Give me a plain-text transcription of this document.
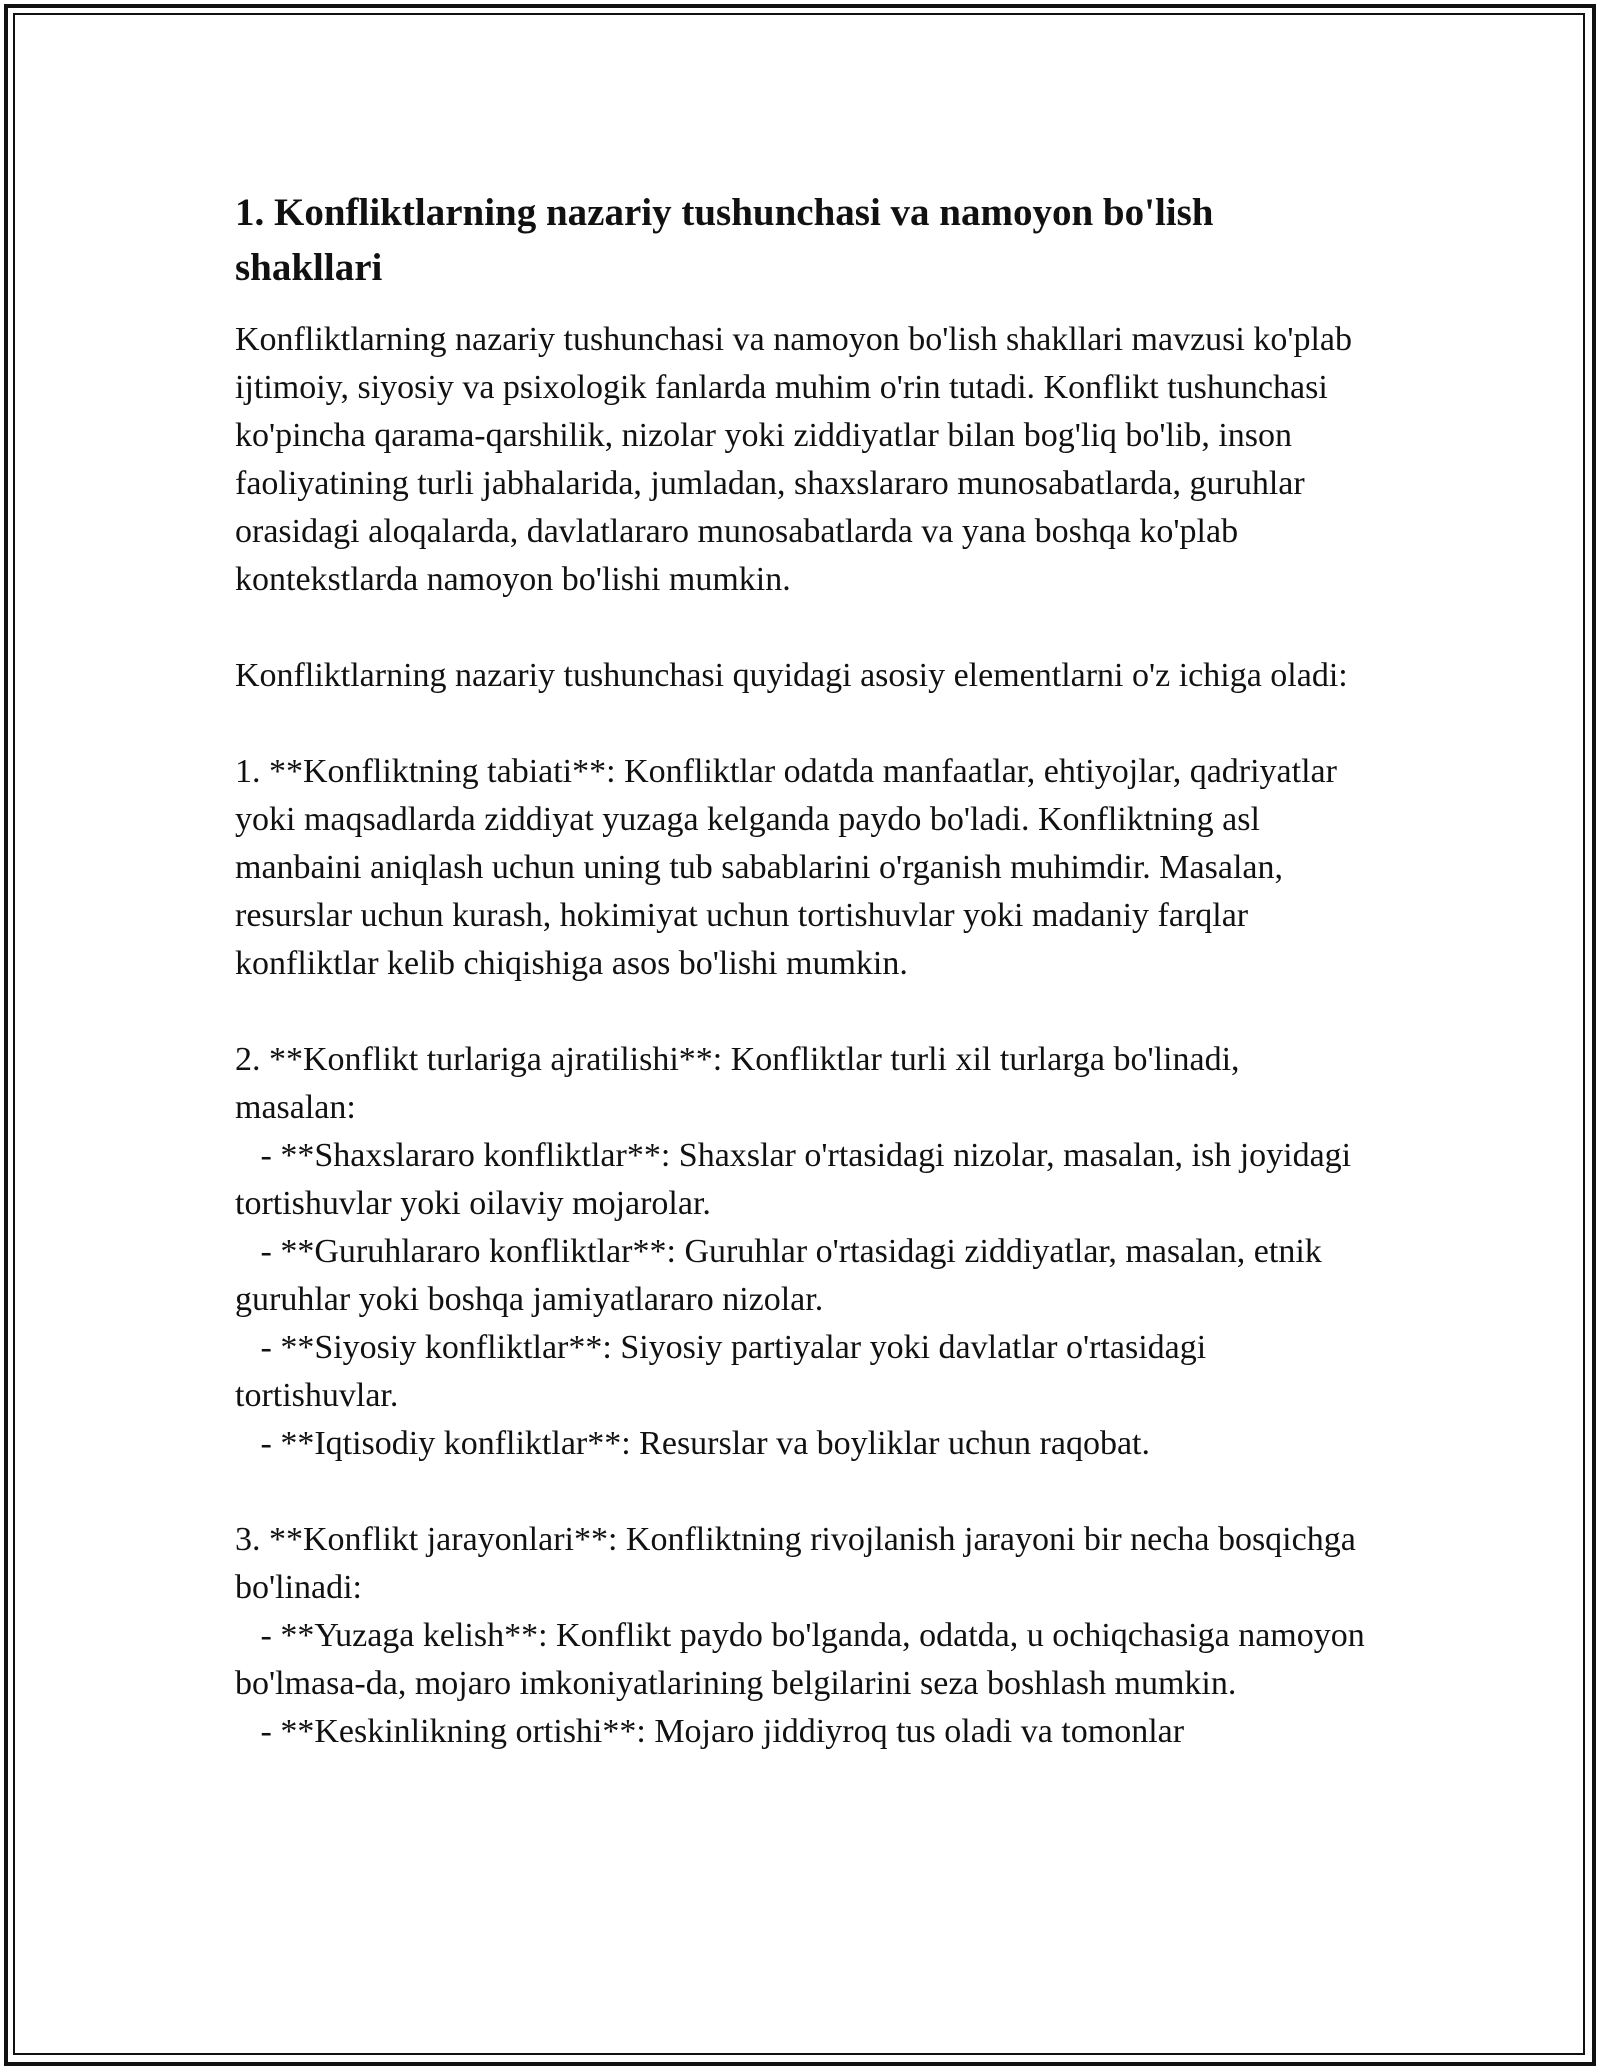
1. Konfliktlarning nazariy tushunchasi va namoyon bo'lish shakllari

Konfliktlarning nazariy tushunchasi va namoyon bo'lish shakllari mavzusi ko'plab ijtimoiy, siyosiy va psixologik fanlarda muhim o'rin tutadi. Konflikt tushunchasi ko'pincha qarama-qarshilik, nizolar yoki ziddiyatlar bilan bog'liq bo'lib, inson faoliyatining turli jabhalarida, jumladan, shaxslararo munosabatlarda, guruhlar orasidagi aloqalarda, davlatlararo munosabatlarda va yana boshqa ko'plab kontekstlarda namoyon bo'lishi mumkin.

Konfliktlarning nazariy tushunchasi quyidagi asosiy elementlarni o'z ichiga oladi:

1. **Konfliktning tabiati**: Konfliktlar odatda manfaatlar, ehtiyojlar, qadriyatlar yoki maqsadlarda ziddiyat yuzaga kelganda paydo bo'ladi. Konfliktning asl manbaini aniqlash uchun uning tub sabablarini o'rganish muhimdir. Masalan, resurslar uchun kurash, hokimiyat uchun tortishuvlar yoki madaniy farqlar konfliktlar kelib chiqishiga asos bo'lishi mumkin.

2. **Konflikt turlariga ajratilishi**: Konfliktlar turli xil turlarga bo'linadi, masalan:
- **Shaxslararo konfliktlar**: Shaxslar o'rtasidagi nizolar, masalan, ish joyidagi tortishuvlar yoki oilaviy mojarolar.
- **Guruhlararo konfliktlar**: Guruhlar o'rtasidagi ziddiyatlar, masalan, etnik guruhlar yoki boshqa jamiyatlararo nizolar.
- **Siyosiy konfliktlar**: Siyosiy partiyalar yoki davlatlar o'rtasidagi tortishuvlar.
- **Iqtisodiy konfliktlar**: Resurslar va boyliklar uchun raqobat.

3. **Konflikt jarayonlari**: Konfliktning rivojlanish jarayoni bir necha bosqichga bo'linadi:
- **Yuzaga kelish**: Konflikt paydo bo'lganda, odatda, u ochiqchasiga namoyon bo'lmasa-da, mojaro imkoniyatlarining belgilarini seza boshlash mumkin.
- **Keskinlikning ortishi**: Mojaro jiddiyroq tus oladi va tomonlar
